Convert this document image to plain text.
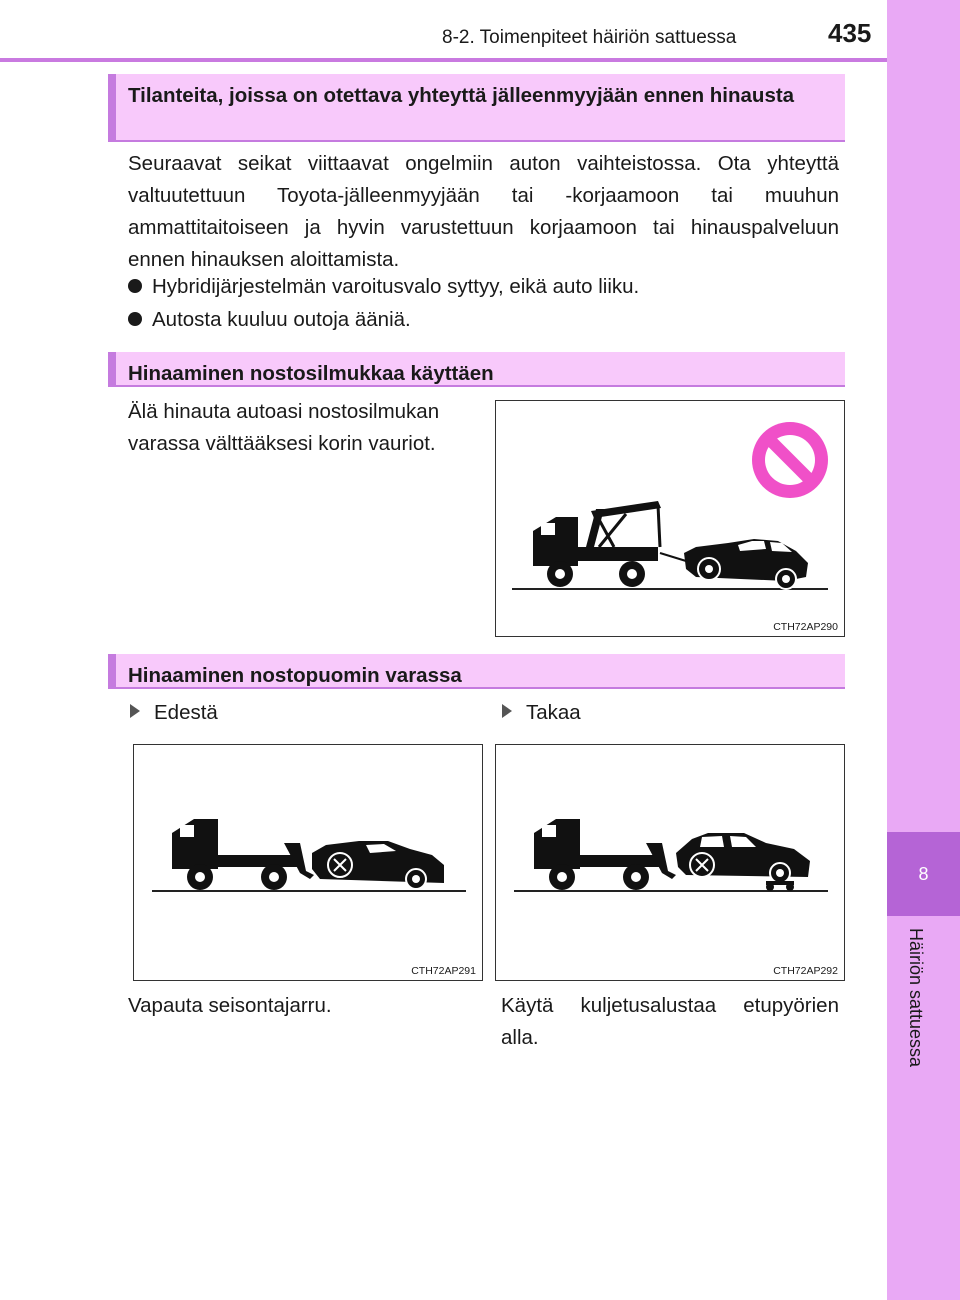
8
Häiriön sattuessa
8-2. Toimenpiteet häiriön sattuessa	435
Tilanteita, joissa on otettava yhteyttä jälleenmyyjään ennen hinausta
Seuraavat seikat viittaavat ongelmiin auton vaihteistossa. Ota yhteyttä valtuutettuun Toyota-jälleenmyyjään tai -korjaamoon tai muuhun ammattitaitoiseen ja hyvin varustettuun korjaamoon tai hinauspalveluun ennen hinauksen aloittamista.
Hybridijärjestelmän varoitusvalo syttyy, eikä auto liiku.
Autosta kuuluu outoja ääniä.
Hinaaminen nostosilmukkaa käyttäen
Älä hinauta autoasi nostosilmukan varassa välttääksesi korin vauriot.
CTH72AP290
Hinaaminen nostopuomin varassa
Edestä	Takaa
CTH72AP291	CTH72AP292
Vapauta seisontajarru.	Käytä kuljetusalustaa etupyörien alla.
